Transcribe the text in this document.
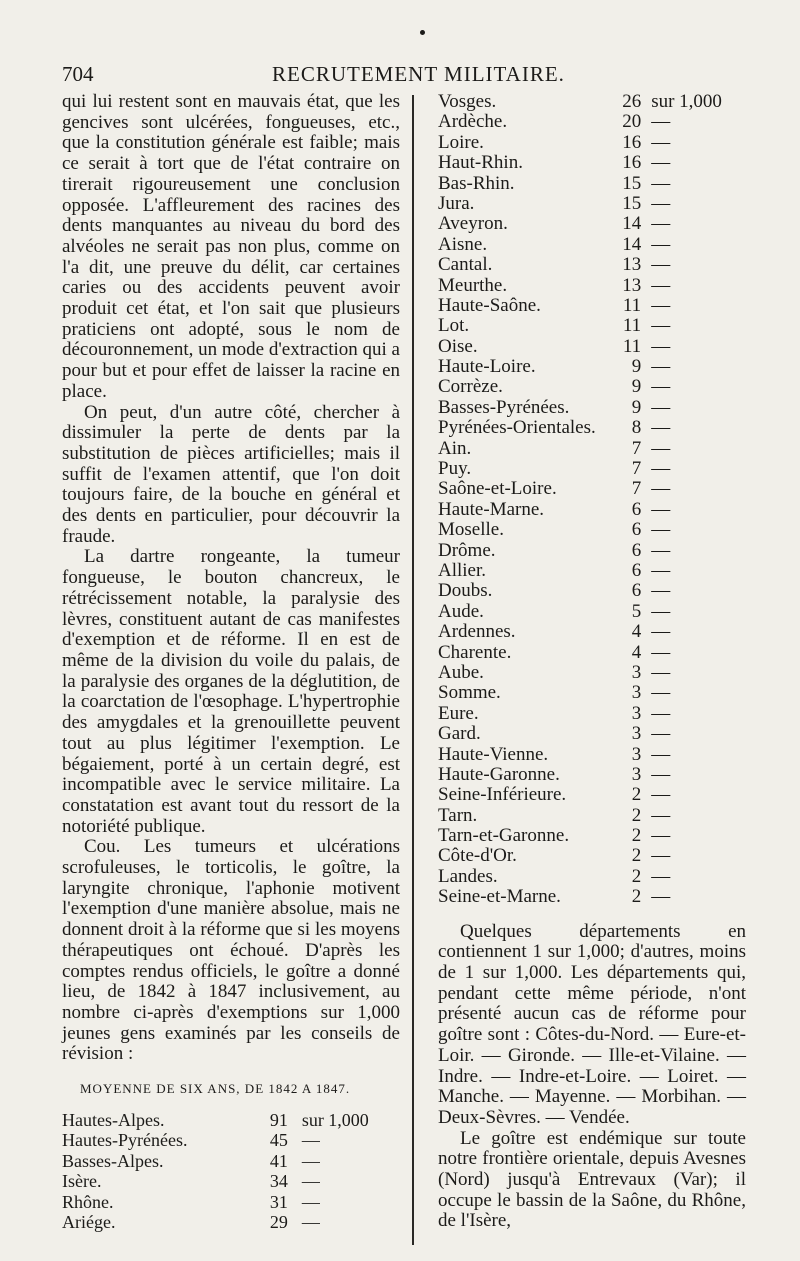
704	RECRUTEMENT MILITAIRE.

qui lui restent sont en mauvais état, que les gencives sont ulcérées, fongueuses, etc., que la constitution générale est faible; mais ce serait à tort que de l'état contraire on tirerait rigoureusement une conclusion opposée. L'affleurement des racines des dents manquantes au niveau du bord des alvéoles ne serait pas non plus, comme on l'a dit, une preuve du délit, car certaines caries ou des accidents peuvent avoir produit cet état, et l'on sait que plusieurs praticiens ont adopté, sous le nom de découronnement, un mode d'extraction qui a pour but et pour effet de laisser la racine en place.

On peut, d'un autre côté, chercher à dissimuler la perte de dents par la substitution de pièces artificielles; mais il suffit de l'examen attentif, que l'on doit toujours faire, de la bouche en général et des dents en particulier, pour découvrir la fraude.

La dartre rongeante, la tumeur fongueuse, le bouton chancreux, le rétrécissement notable, la paralysie des lèvres, constituent autant de cas manifestes d'exemption et de réforme. Il en est de même de la division du voile du palais, de la paralysie des organes de la déglutition, de la coarctation de l'œsophage. L'hypertrophie des amygdales et la grenouillette peuvent tout au plus légitimer l'exemption. Le bégaiement, porté à un certain degré, est incompatible avec le service militaire. La constatation est avant tout du ressort de la notoriété publique.

Cou. Les tumeurs et ulcérations scrofuleuses, le torticolis, le goître, la laryngite chronique, l'aphonie motivent l'exemption d'une manière absolue, mais ne donnent droit à la réforme que si les moyens thérapeutiques ont échoué. D'après les comptes rendus officiels, le goître a donné lieu, de 1842 à 1847 inclusivement, au nombre ci-après d'exemptions sur 1,000 jeunes gens examinés par les conseils de révision :

MOYENNE DE SIX ANS, DE 1842 A 1847.
Hautes-Alpes.	91 sur 1,000
Hautes-Pyrénées.	45 —
Basses-Alpes.	41 —
Isère.	34 —
Rhône.	31 —
Ariége.	29 —
Vosges.	26 sur 1,000
Ardèche.	20 —
Loire.	16 —
Haut-Rhin.	16 —
Bas-Rhin.	15 —
Jura.	15 —
Aveyron.	14 —
Aisne.	14 —
Cantal.	13 —
Meurthe.	13 —
Haute-Saône.	11 —
Lot.	11 —
Oise.	11 —
Haute-Loire.	9 —
Corrèze.	9 —
Basses-Pyrénées.	9 —
Pyrénées-Orientales.	8 —
Ain.	7 —
Puy.	7 —
Saône-et-Loire.	7 —
Haute-Marne.	6 —
Moselle.	6 —
Drôme.	6 —
Allier.	6 —
Doubs.	6 —
Aude.	5 —
Ardennes.	4 —
Charente.	4 —
Aube.	3 —
Somme.	3 —
Eure.	3 —
Gard.	3 —
Haute-Vienne.	3 —
Haute-Garonne.	3 —
Seine-Inférieure.	2 —
Tarn.	2 —
Tarn-et-Garonne.	2 —
Côte-d'Or.	2 —
Landes.	2 —
Seine-et-Marne.	2 —

Quelques départements en contiennent 1 sur 1,000; d'autres, moins de 1 sur 1,000. Les départements qui, pendant cette même période, n'ont présenté aucun cas de réforme pour goître sont : Côtes-du-Nord. — Eure-et-Loir. — Gironde. — Ille-et-Vilaine. — Indre. — Indre-et-Loire. — Loiret. — Manche. — Mayenne. — Morbihan. — Deux-Sèvres. — Vendée.

Le goître est endémique sur toute notre frontière orientale, depuis Avesnes (Nord) jusqu'à Entrevaux (Var); il occupe le bassin de la Saône, du Rhône, de l'Isère,
